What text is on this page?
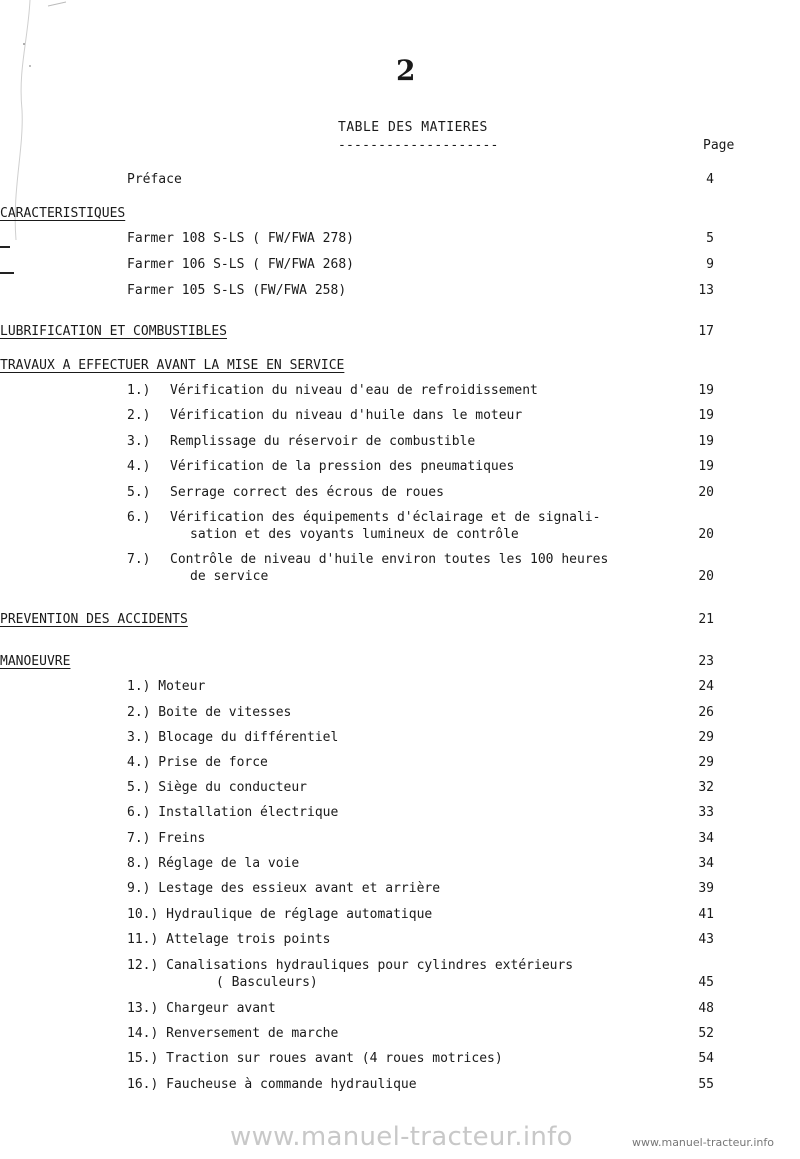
2
TABLE DES MATIERES
--------------------	Page
Préface	4
CARACTERISTIQUES
Farmer 108 S-LS ( FW/FWA 278)	5
Farmer 106 S-LS ( FW/FWA 268)	9
Farmer 105 S-LS (FW/FWA 258)	13
LUBRIFICATION ET COMBUSTIBLES	17
TRAVAUX A EFFECTUER AVANT LA MISE EN SERVICE
1.) Vérification du niveau d'eau de refroidissement	19
2.) Vérification du niveau d'huile dans le moteur	19
3.) Remplissage du réservoir de combustible	19
4.) Vérification de la pression des pneumatiques	19
5.) Serrage correct des écrous de roues	20
6.) Vérification des équipements d'éclairage et de signali-
sation et des voyants lumineux de contrôle	20
7.) Contrôle de niveau d'huile environ toutes les 100 heures
de service	20
PREVENTION DES ACCIDENTS	21
MANOEUVRE	23
1.) Moteur	24
2.) Boite de vitesses	26
3.) Blocage du différentiel	29
4.) Prise de force	29
5.) Siège du conducteur	32
6.) Installation électrique	33
7.) Freins	34
8.) Réglage de la voie	34
9.) Lestage des essieux avant et arrière	39
10.) Hydraulique de réglage automatique	41
11.) Attelage trois points	43
12.) Canalisations hydrauliques pour cylindres extérieurs
( Basculeurs)	45
13.) Chargeur avant	48
14.) Renversement de marche	52
15.) Traction sur roues avant (4 roues motrices)	54
16.) Faucheuse à commande hydraulique	55
www.manuel-tracteur.info	www.manuel-tracteur.info
